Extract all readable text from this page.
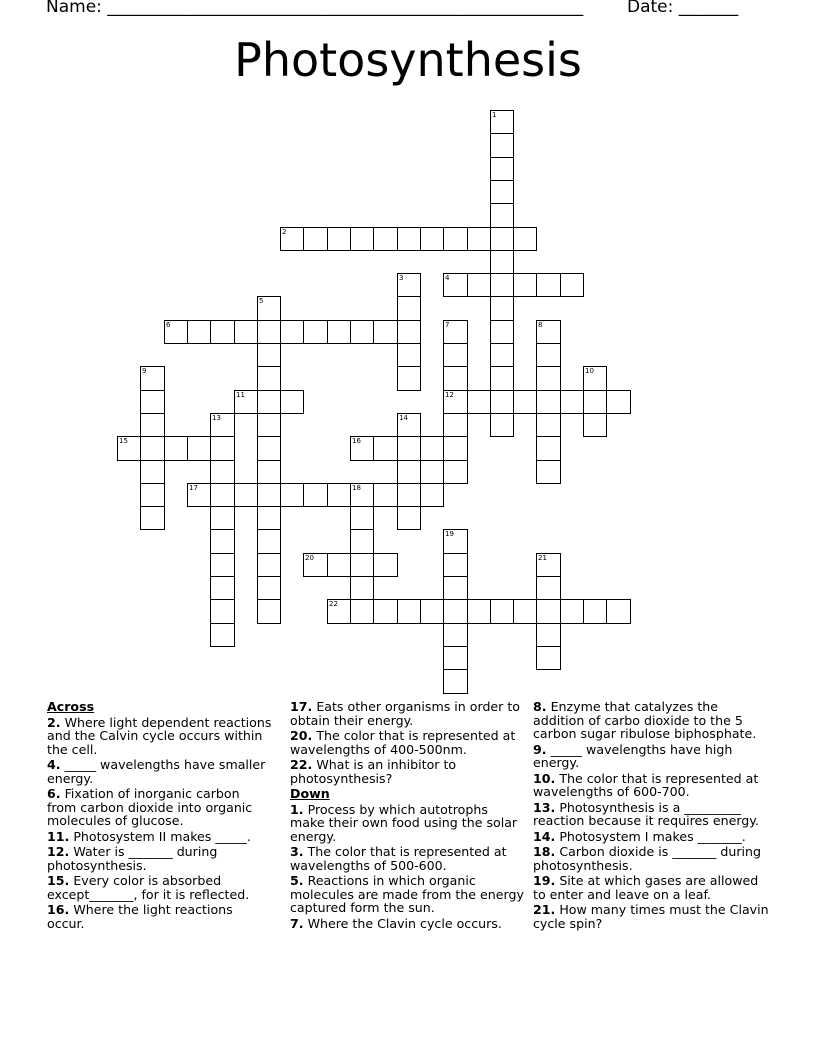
Name: ________________________________________________________	Date: _______
Photosynthesis
1
2
3	4
5
6	7
12
8
9	10
11
13	14
15	16
17	18
19
20	21
22
Across
2. Where light dependent reactions and the Calvin cycle occurs within the cell.
4. _____ wavelengths have smaller energy.
6. Fixation of inorganic carbon from carbon dioxide into organic molecules of glucose.
11. Photosystem II makes _____.
12. Water is _______ during photosynthesis.
15. Every color is absorbed except_______, for it is reflected.
16. Where the light reactions occur.
17. Eats other organisms in order to obtain their energy.
20. The color that is represented at wavelengths of 400-500nm.
22. What is an inhibitor to photosynthesis?
Down
1. Process by which autotrophs make their own food using the solar energy.
3. The color that is represented at wavelengths of 500-600.
5. Reactions in which organic molecules are made from the energy captured form the sun.
7. Where the Clavin cycle occurs.
8. Enzyme that catalyzes the addition of carbo dioxide to the 5 carbon sugar ribulose biphosphate.
9. _____ wavelengths have high energy.
10. The color that is represented at wavelengths of 600-700.
13. Photosynthesis is a _________ reaction because it requires energy.
14. Photosystem I makes _______.
18. Carbon dioxide is _______ during photosynthesis.
19. Site at which gases are allowed to enter and leave on a leaf.
21. How many times must the Clavin cycle spin?
